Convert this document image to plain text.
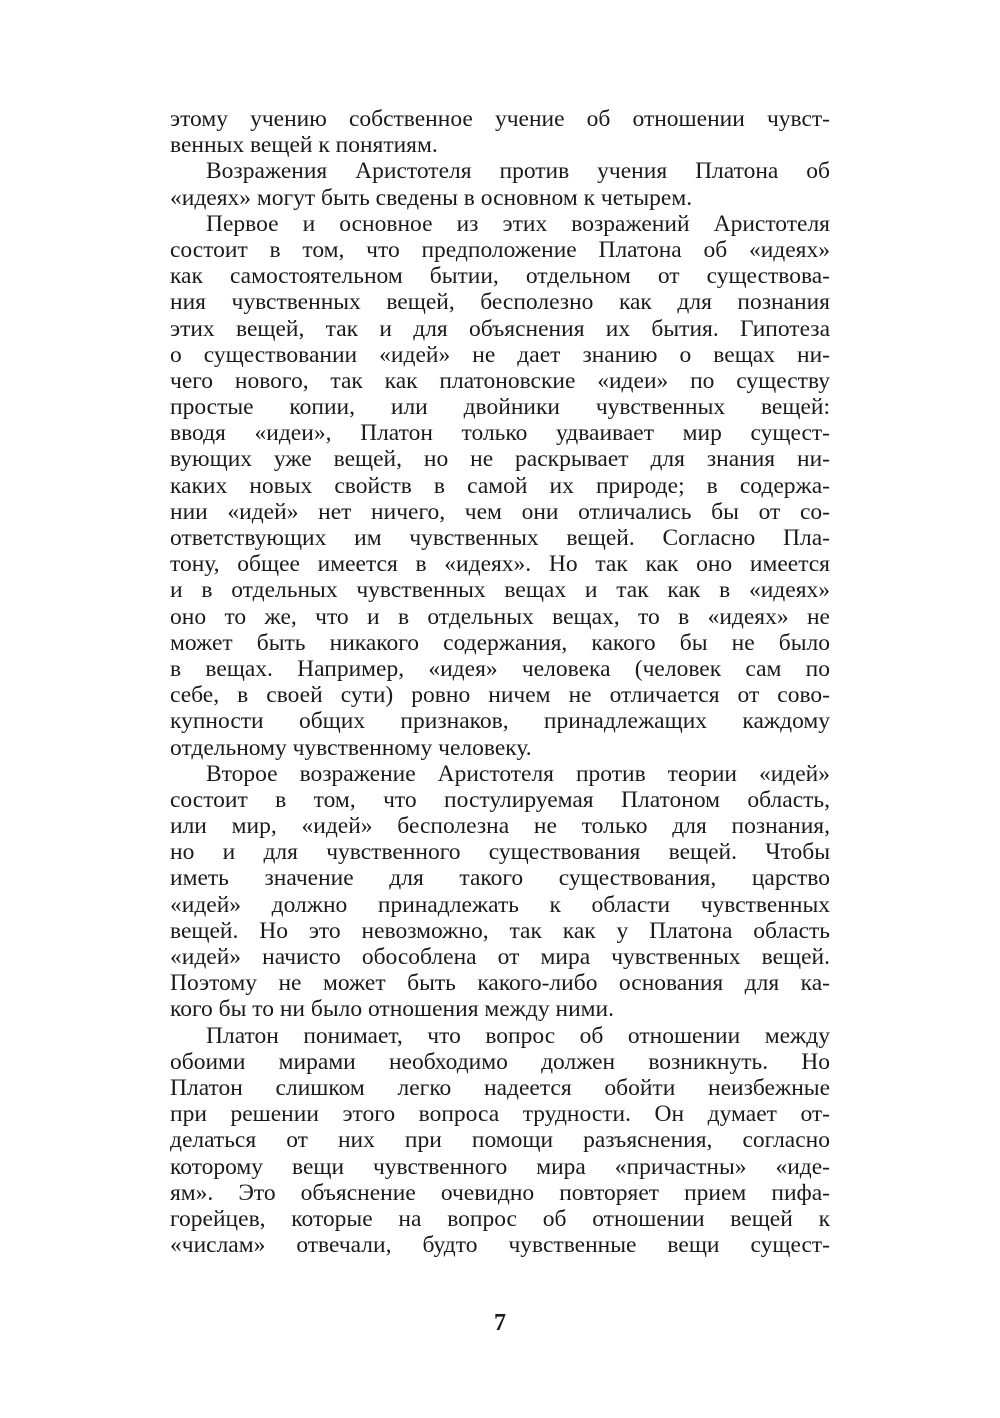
этому учению собственное учение об отношении чувст-
венных вещей к понятиям.
Возражения Аристотеля против учения Платона об
«идеях» могут быть сведены в основном к четырем.
Первое и основное из этих возражений Аристотеля
состоит в том, что предположение Платона об «идеях»
как самостоятельном бытии, отдельном от существова-
ния чувственных вещей, бесполезно как для познания
этих вещей, так и для объяснения их бытия. Гипотеза
о существовании «идей» не дает знанию о вещах ни-
чего нового, так как платоновские «идеи» по существу
простые копии, или двойники чувственных вещей:
вводя «идеи», Платон только удваивает мир сущест-
вующих уже вещей, но не раскрывает для знания ни-
каких новых свойств в самой их природе; в содержа-
нии «идей» нет ничего, чем они отличались бы от со-
ответствующих им чувственных вещей. Согласно Пла-
тону, общее имеется в «идеях». Но так как оно имеется
и в отдельных чувственных вещах и так как в «идеях»
оно то же, что и в отдельных вещах, то в «идеях» не
может быть никакого содержания, какого бы не было
в вещах. Например, «идея» человека (человек сам по
себе, в своей сути) ровно ничем не отличается от сово-
купности общих признаков, принадлежащих каждому
отдельному чувственному человеку.
Второе возражение Аристотеля против теории «идей»
состоит в том, что постулируемая Платоном область,
или мир, «идей» бесполезна не только для познания,
но и для чувственного существования вещей. Чтобы
иметь значение для такого существования, царство
«идей» должно принадлежать к области чувственных
вещей. Но это невозможно, так как у Платона область
«идей» начисто обособлена от мира чувственных вещей.
Поэтому не может быть какого-либо основания для ка-
кого бы то ни было отношения между ними.
Платон понимает, что вопрос об отношении между
обоими мирами необходимо должен возникнуть. Но
Платон слишком легко надеется обойти неизбежные
при решении этого вопроса трудности. Он думает от-
делаться от них при помощи разъяснения, согласно
которому вещи чувственного мира «причастны» «иде-
ям». Это объяснение очевидно повторяет прием пифа-
горейцев, которые на вопрос об отношении вещей к
«числам» отвечали, будто чувственные вещи сущест-
7
